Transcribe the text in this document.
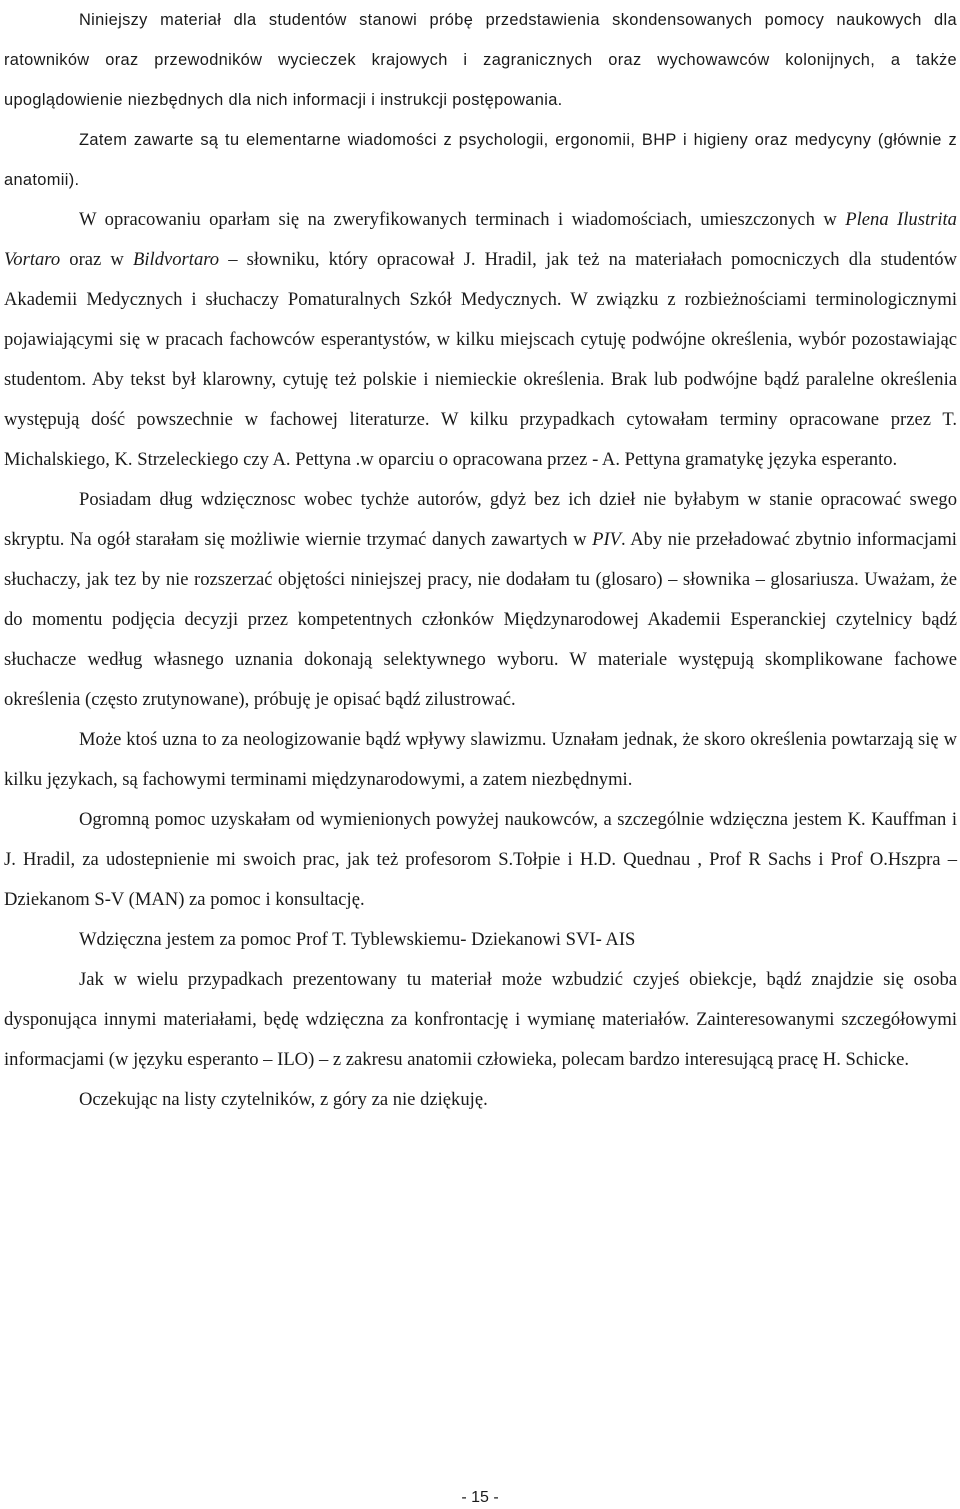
Niniejszy materiał dla studentów stanowi próbę przedstawienia skondensowanych pomocy naukowych dla ratowników oraz przewodników wycieczek krajowych i zagranicznych oraz wychowawców kolonijnych, a także upoglądowienie niezbędnych dla nich informacji i instrukcji postępowania.

Zatem zawarte są tu elementarne wiadomości z psychologii, ergonomii, BHP i higieny oraz medycyny (głównie z anatomii).

W opracowaniu oparłam się na zweryfikowanych terminach i wiadomościach, umieszczonych w Plena Ilustrita Vortaro oraz w Bildvortaro – słowniku, który opracował J. Hradil, jak też na materiałach pomocniczych dla studentów Akademii Medycznych i słuchaczy Pomaturalnych Szkół Medycznych. W związku z rozbieżnościami terminologicznymi pojawiającymi się w pracach fachowców esperantystów, w kilku miejscach cytuję podwójne określenia, wybór pozostawiając studentom. Aby tekst był klarowny, cytuję też polskie i niemieckie określenia. Brak lub podwójne bądź paralelne określenia występują dość powszechnie w fachowej literaturze. W kilku przypadkach cytowałam terminy opracowane przez T. Michalskiego, K. Strzeleckiego czy A. Pettyna .w oparciu o opracowana przez - A. Pettyna gramatykę języka esperanto.

Posiadam dług wdzięcznosc wobec tychże autorów, gdyż bez ich dzieł nie byłabym w stanie opracować swego skryptu. Na ogół starałam się możliwie wiernie trzymać danych zawartych w PIV. Aby nie przeładować zbytnio informacjami słuchaczy, jak tez by nie rozszerzać objętości niniejszej pracy, nie dodałam tu (glosaro) – słownika – glosariusza. Uważam, że do momentu podjęcia decyzji przez kompetentnych członków Międzynarodowej Akademii Esperanckiej czytelnicy bądź słuchacze według własnego uznania dokonają selektywnego wyboru. W materiale występują skomplikowane fachowe określenia (często zrutynowane), próbuję je opisać bądź zilustrować.

Może ktoś uzna to za neologizowanie bądź wpływy slawizmu. Uznałam jednak, że skoro określenia powtarzają się w kilku językach, są fachowymi terminami międzynarodowymi, a zatem niezbędnymi.

Ogromną pomoc uzyskałam od wymienionych powyżej naukowców, a szczególnie wdzięczna jestem K. Kauffman i J. Hradil, za udostepnienie mi swoich prac, jak też profesorom S.Tołpie i H.D. Quednau , Prof R Sachs i Prof O.Hszpra – Dziekanom S-V (MAN) za pomoc i konsultację.

Wdzięczna jestem za pomoc Prof T. Tyblewskiemu- Dziekanowi SVI- AIS

Jak w wielu przypadkach prezentowany tu materiał może wzbudzić czyjeś obiekcje, bądź znajdzie się osoba dysponująca innymi materiałami, będę wdzięczna za konfrontację i wymianę materiałów. Zainteresowanymi szczegółowymi informacjami (w języku esperanto – ILO) – z zakresu anatomii człowieka, polecam bardzo interesującą pracę H. Schicke.

Oczekując na listy czytelników, z góry za nie dziękuję.

- 15 -
